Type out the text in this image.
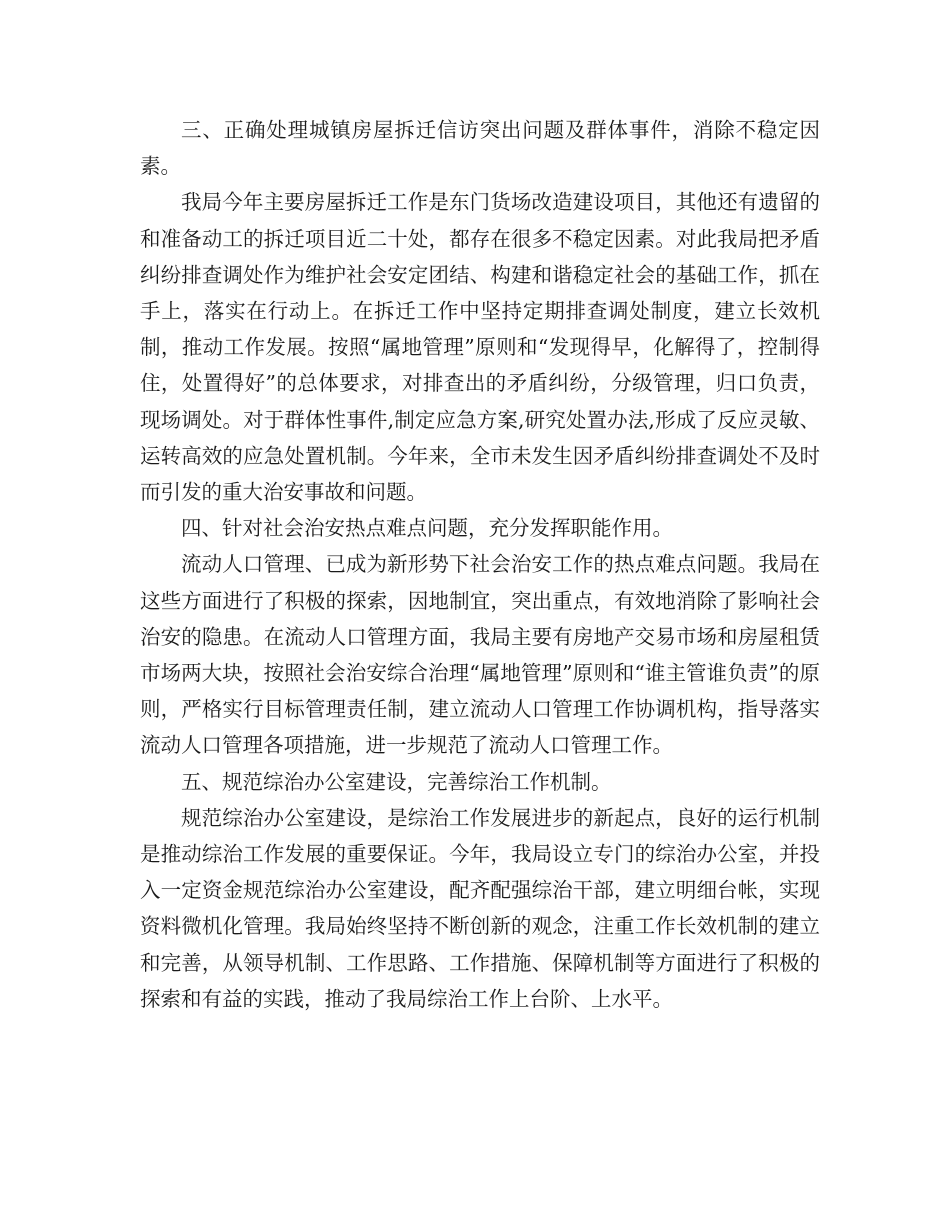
三、正确处理城镇房屋拆迁信访突出问题及群体事件，消除不稳定因素。

我局今年主要房屋拆迁工作是东门货场改造建设项目，其他还有遗留的和准备动工的拆迁项目近二十处，都存在很多不稳定因素。对此我局把矛盾纠纷排查调处作为维护社会安定团结、构建和谐稳定社会的基础工作，抓在手上，落实在行动上。在拆迁工作中坚持定期排查调处制度，建立长效机制，推动工作发展。按照“属地管理”原则和“发现得早，化解得了，控制得住，处置得好”的总体要求，对排查出的矛盾纠纷，分级管理，归口负责，现场调处。对于群体性事件,制定应急方案,研究处置办法,形成了反应灵敏、运转高效的应急处置机制。今年来，全市未发生因矛盾纠纷排查调处不及时而引发的重大治安事故和问题。

四、针对社会治安热点难点问题，充分发挥职能作用。

流动人口管理、已成为新形势下社会治安工作的热点难点问题。我局在这些方面进行了积极的探索，因地制宜，突出重点，有效地消除了影响社会治安的隐患。在流动人口管理方面，我局主要有房地产交易市场和房屋租赁市场两大块，按照社会治安综合治理“属地管理”原则和“谁主管谁负责”的原则，严格实行目标管理责任制，建立流动人口管理工作协调机构，指导落实流动人口管理各项措施，进一步规范了流动人口管理工作。

五、规范综治办公室建设，完善综治工作机制。

规范综治办公室建设，是综治工作发展进步的新起点，良好的运行机制是推动综治工作发展的重要保证。今年，我局设立专门的综治办公室，并投入一定资金规范综治办公室建设，配齐配强综治干部，建立明细台帐，实现资料微机化管理。我局始终坚持不断创新的观念，注重工作长效机制的建立和完善，从领导机制、工作思路、工作措施、保障机制等方面进行了积极的探索和有益的实践，推动了我局综治工作上台阶、上水平。
